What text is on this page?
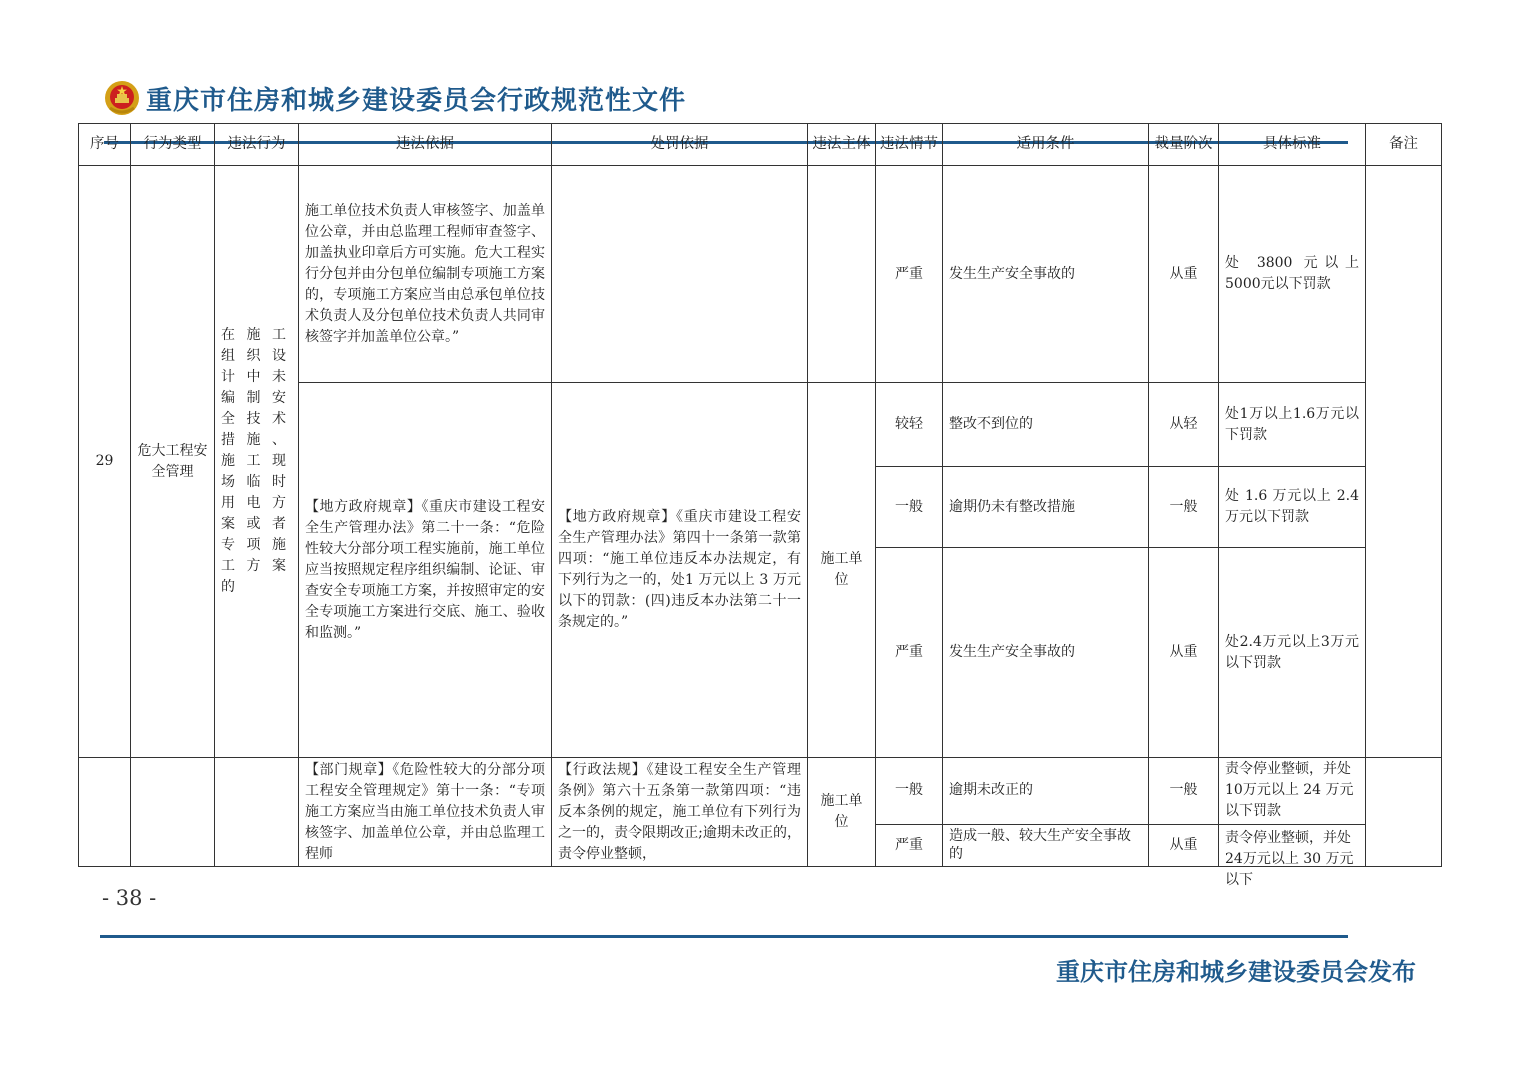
重庆市住房和城乡建设委员会行政规范性文件
序号	行为类型	违法行为	违法依据	处罚依据	违法主体	违法情节	适用条件	裁量阶次	具体标准	备注
29	危大工程安全管理	在施工组织设计中未编制安全技术措施、施工现场临时用电方案或者专项施工方案的	施工单位技术负责人审核签字、加盖单位公章，并由总监理工程师审查签字、加盖执业印章后方可实施。危大工程实行分包并由分包单位编制专项施工方案的，专项施工方案应当由总承包单位技术负责人及分包单位技术负责人共同审核签字并加盖单位公章。”			严重	发生生产安全事故的	从重	处 3800 元以上 5000元以下罚款	
			【地方政府规章】《重庆市建设工程安全生产管理办法》第二十一条：“危险性较大分部分项工程实施前，施工单位应当按照规定程序组织编制、论证、审查安全专项施工方案，并按照审定的安全专项施工方案进行交底、施工、验收和监测。”	【地方政府规章】《重庆市建设工程安全生产管理办法》第四十一条第一款第四项：“施工单位违反本办法规定，有下列行为之一的，处1 万元以上 3 万元以下的罚款：(四)违反本办法第二十一条规定的。”	施工单位	较轻	整改不到位的	从轻	处1万以上1.6万元以下罚款	
						一般	逾期仍未有整改措施	一般	处 1.6 万元以上 2.4万元以下罚款	
						严重	发生生产安全事故的	从重	处2.4万元以上3万元以下罚款	

			【部门规章】《危险性较大的分部分项工程安全管理规定》第十一条：“专项施工方案应当由施工单位技术负责人审核签字、加盖单位公章，并由总监理工程师	【行政法规】《建设工程安全生产管理条例》第六十五条第一款第四项：“违反本条例的规定，施工单位有下列行为之一的，责令限期改正;逾期未改正的，责令停业整顿，	施工单位	一般	逾期未改正的	一般	责令停业整顿，并处10万元以上 24 万元以下罚款	
						严重	造成一般、较大生产安全事故的	从重	责令停业整顿，并处24万元以上 30 万元以下	
- 38 -
重庆市住房和城乡建设委员会发布
